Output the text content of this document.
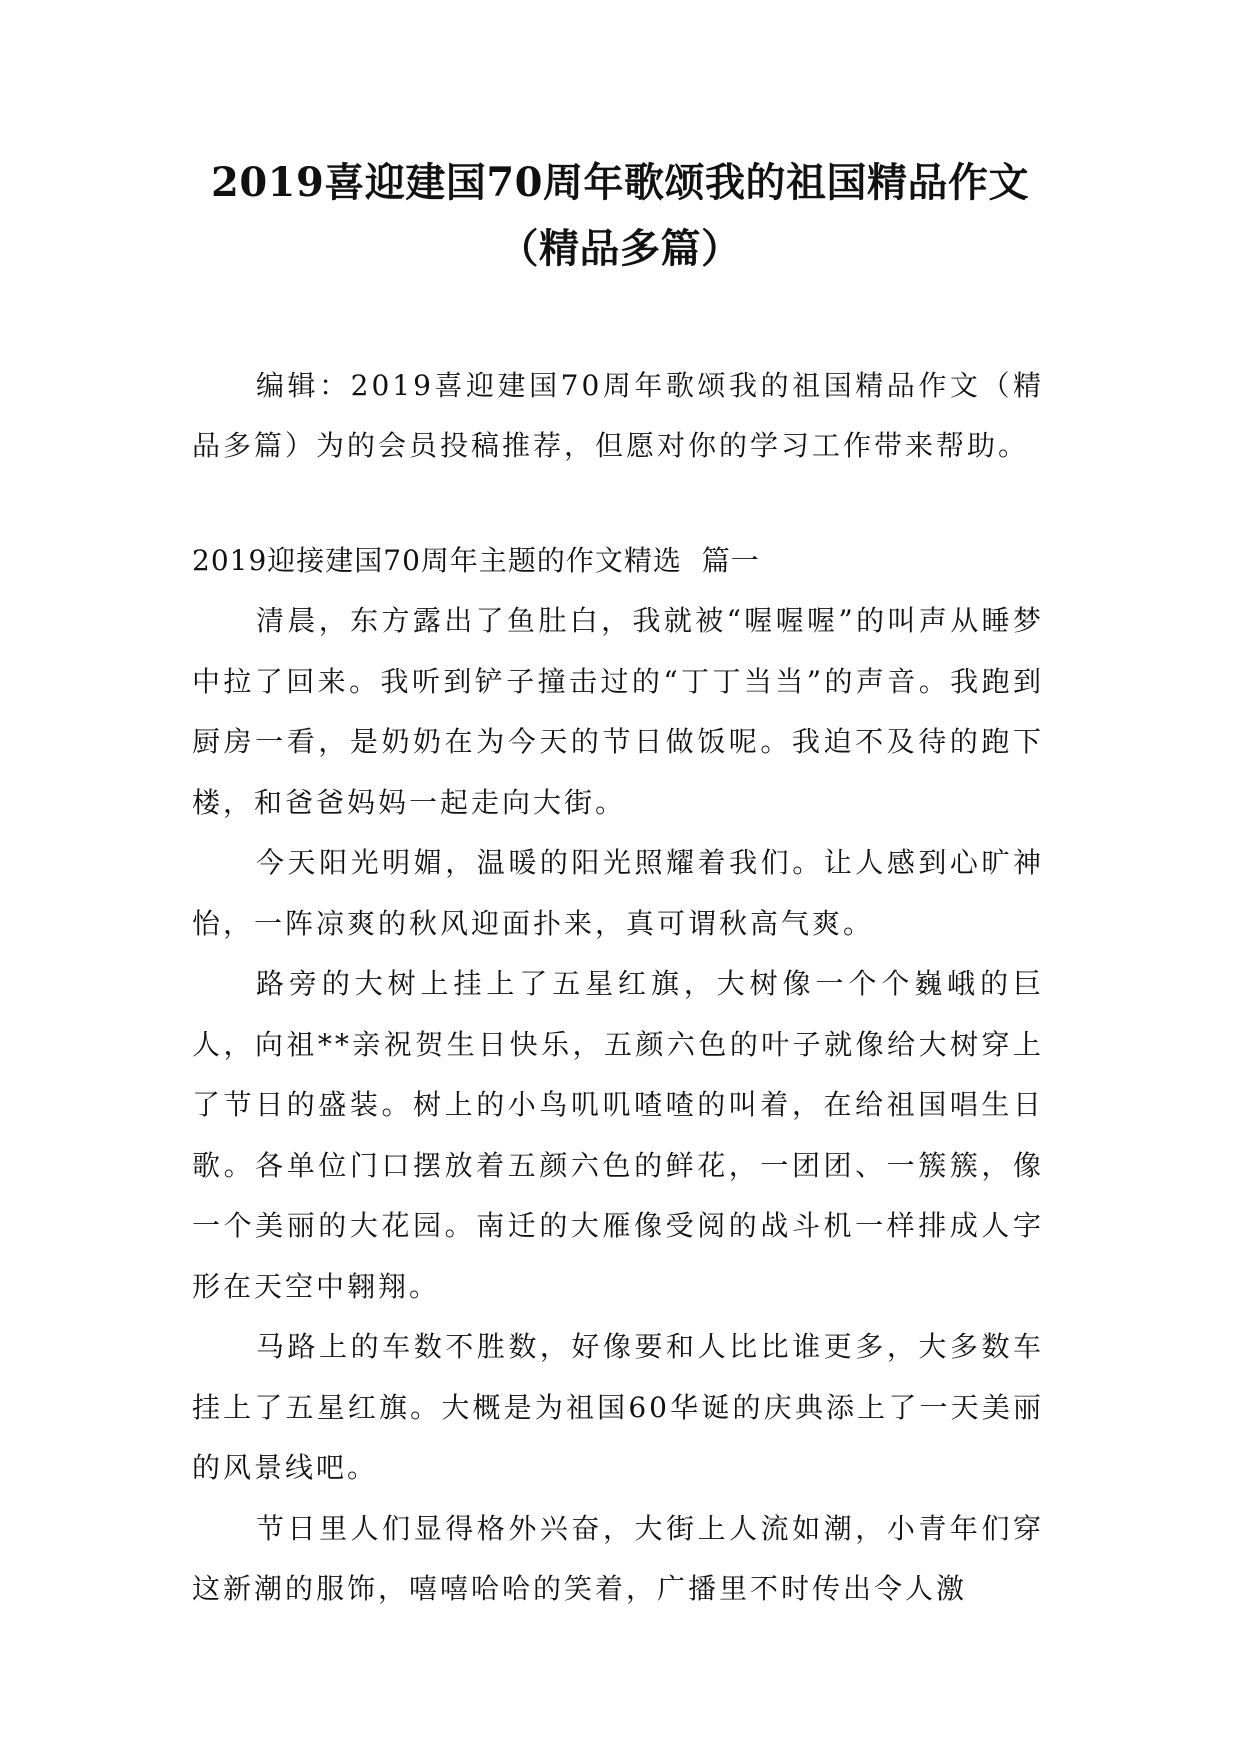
2019喜迎建国70周年歌颂我的祖国精品作文（精品多篇）

编辑：2019喜迎建国70周年歌颂我的祖国精品作文（精品多篇）为的会员投稿推荐，但愿对你的学习工作带来帮助。

2019迎接建国70周年主题的作文精选  篇一

清晨，东方露出了鱼肚白，我就被“喔喔喔”的叫声从睡梦中拉了回来。我听到铲子撞击过的“丁丁当当”的声音。我跑到厨房一看，是奶奶在为今天的节日做饭呢。我迫不及待的跑下楼，和爸爸妈妈一起走向大街。

今天阳光明媚，温暖的阳光照耀着我们。让人感到心旷神怡，一阵凉爽的秋风迎面扑来，真可谓秋高气爽。

路旁的大树上挂上了五星红旗，大树像一个个巍峨的巨人，向祖**亲祝贺生日快乐，五颜六色的叶子就像给大树穿上了节日的盛装。树上的小鸟叽叽喳喳的叫着，在给祖国唱生日歌。各单位门口摆放着五颜六色的鲜花，一团团、一簇簇，像一个美丽的大花园。南迁的大雁像受阅的战斗机一样排成人字形在天空中翱翔。

马路上的车数不胜数，好像要和人比比谁更多，大多数车挂上了五星红旗。大概是为祖国60华诞的庆典添上了一天美丽的风景线吧。

节日里人们显得格外兴奋，大街上人流如潮，小青年们穿这新潮的服饰，嘻嘻哈哈的笑着，广播里不时传出令人激
